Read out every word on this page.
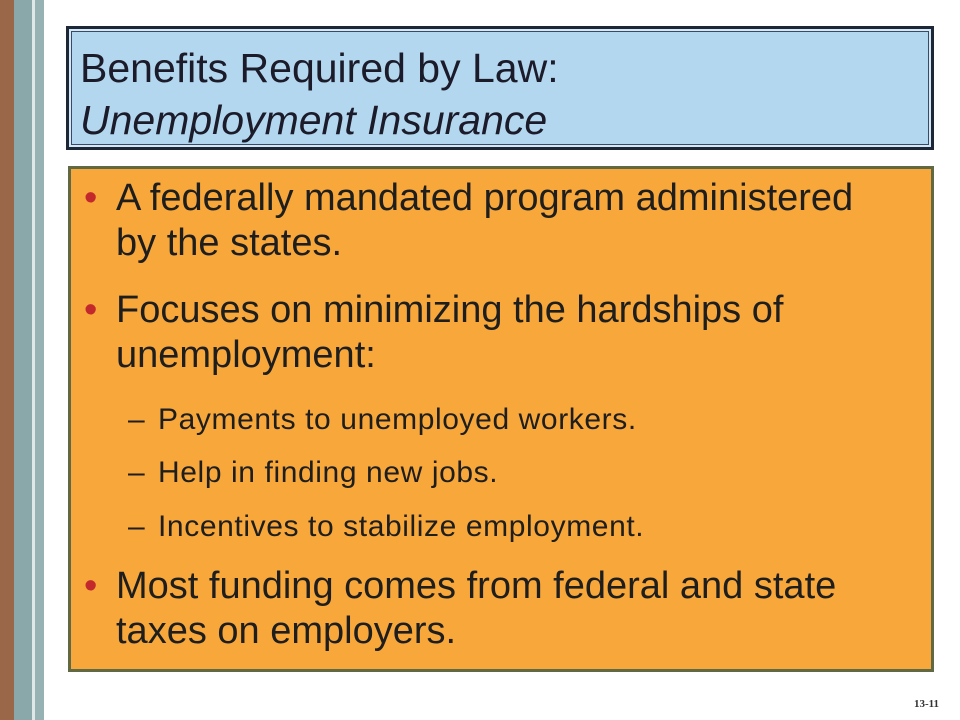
Benefits Required by Law:
Unemployment Insurance
• A federally mandated program administered by the states.
• Focuses on minimizing the hardships of unemployment:
– Payments to unemployed workers.
– Help in finding new jobs.
– Incentives to stabilize employment.
• Most funding comes from federal and state taxes on employers.
13-11
